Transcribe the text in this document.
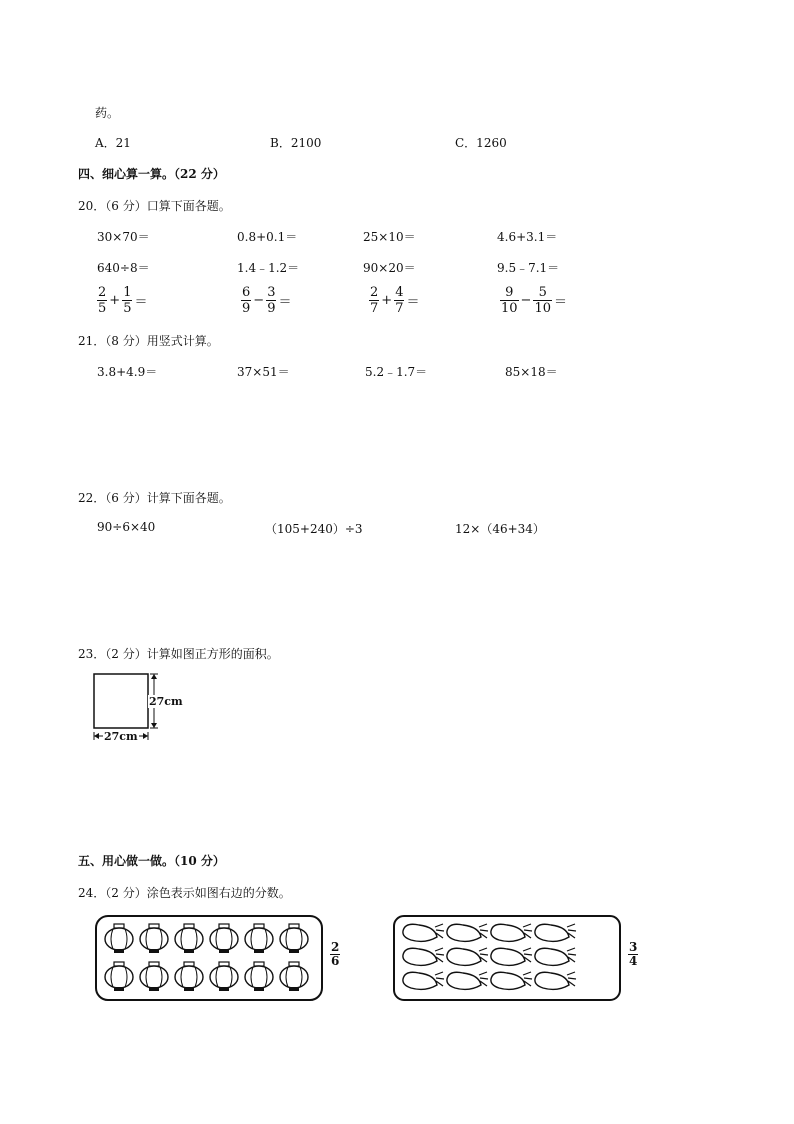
药。
A．21	B．2100	C．1260
四、细心算一算。（22 分）
20．（6 分）口算下面各题。
30×70＝	0.8+0.1＝	25×10＝	4.6+3.1＝
640÷8＝	1.4﹣1.2＝	90×20＝	9.5﹣7.1＝
$\frac{2}{5} + \frac{1}{5}$ ＝	$\frac{6}{9} - \frac{3}{9}$ ＝	$\frac{2}{7} + \frac{4}{7}$ ＝	$\frac{9}{10} - \frac{5}{10}$ ＝
21．（8 分）用竖式计算。
3.8+4.9＝	37×51＝	5.2﹣1.7＝	85×18＝
22．（6 分）计算下面各题。
90÷6×40	（105+240）÷3	12×（46+34）
23．（2 分）计算如图正方形的面积。
27cm
27cm
五、用心做一做。（10 分）
24．（2 分）涂色表示如图右边的分数。
$\frac{2}{6}$	$\frac{3}{4}$
